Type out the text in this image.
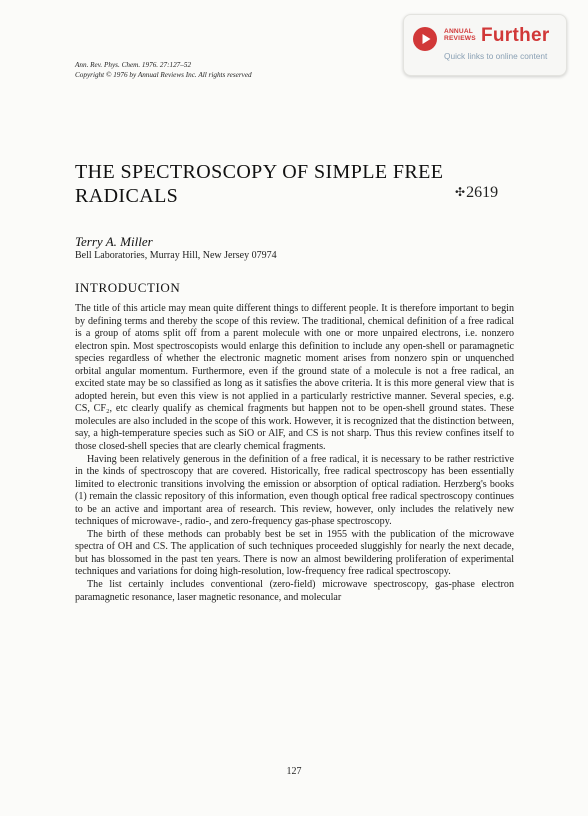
Ann. Rev. Phys. Chem. 1976. 27:127–52
Copyright © 1976 by Annual Reviews Inc. All rights reserved
ANNUAL
REVIEWS Further
Quick links to online content
THE SPECTROSCOPY OF SIMPLE FREE
RADICALS	✣2619
Terry A. Miller
Bell Laboratories, Murray Hill, New Jersey 07974
INTRODUCTION

The title of this article may mean quite different things to different people. It is therefore important to begin by defining terms and thereby the scope of this review. The traditional, chemical definition of a free radical is a group of atoms split off from a parent molecule with one or more unpaired electrons, i.e. nonzero electron spin. Most spectroscopists would enlarge this definition to include any open-shell or paramagnetic species regardless of whether the electronic magnetic moment arises from nonzero spin or unquenched orbital angular momentum. Furthermore, even if the ground state of a molecule is not a free radical, an excited state may be so classified as long as it satisfies the above criteria. It is this more general view that is adopted herein, but even this view is not applied in a particularly restrictive manner. Several species, e.g. CS, CF₂, etc clearly qualify as chemical fragments but happen not to be open-shell ground states. These molecules are also included in the scope of this work. However, it is recognized that the distinction between, say, a high-temperature species such as SiO or AlF, and CS is not sharp. Thus this review confines itself to those closed-shell species that are clearly chemical fragments.

Having been relatively generous in the definition of a free radical, it is necessary to be rather restrictive in the kinds of spectroscopy that are covered. Historically, free radical spectroscopy has been essentially limited to electronic transitions involving the emission or absorption of optical radiation. Herzberg's books (1) remain the classic repository of this information, even though optical free radical spectroscopy continues to be an active and important area of research. This review, however, only includes the relatively new techniques of microwave-, radio-, and zero-frequency gas-phase spectroscopy.

The birth of these methods can probably best be set in 1955 with the publication of the microwave spectra of OH and CS. The application of such techniques proceeded sluggishly for nearly the next decade, but has blossomed in the past ten years. There is now an almost bewildering proliferation of experimental techniques and variations for doing high-resolution, low-frequency free radical spectroscopy.

The list certainly includes conventional (zero-field) microwave spectroscopy, gas-phase electron paramagnetic resonance, laser magnetic resonance, and molecular

127
